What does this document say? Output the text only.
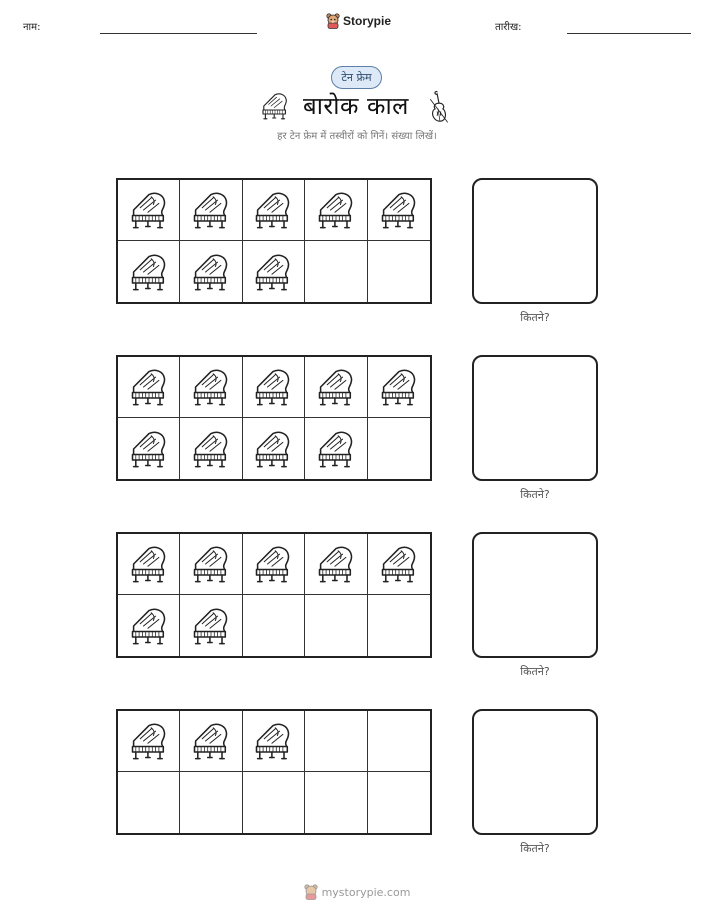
नाम:	Storypie	तारीख:
टेन फ्रेम
बारोक काल
हर टेन फ्रेम में तस्वीरों को गिनें। संख्या लिखें।
कितने?
कितने?
कितने?
कितने?
mystorypie.com
